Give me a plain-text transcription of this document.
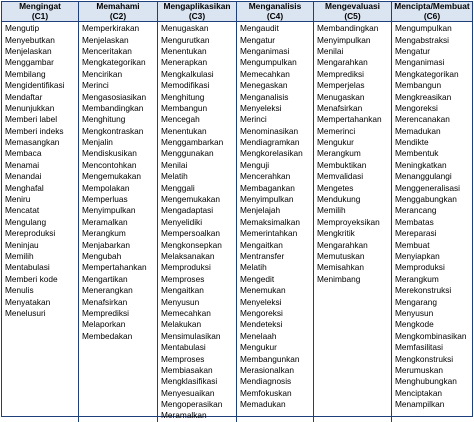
Mengingat
(C1)
Memahami
(C2)
Mengaplikasikan
(C3)
Menganalisis
(C4)
Mengevaluasi
(C5)
Mencipta/Membuat
(C6)
Mengutip
Menyebutkan
Menjelaskan
Menggambar
Membilang
Mengidentifikasi
Mendaftar
Menunjukkan
Memberi label
Memberi indeks
Memasangkan
Membaca
Menamai
Menandai
Menghafal
Meniru
Mencatat
Mengulang
Mereproduksi
Meninjau
Memilih
Mentabulasi
Memberi kode
Menulis
Menyatakan
Menelusuri
Memperkirakan
Menjelaskan
Menceritakan
Mengkategorikan
Mencirikan
Merinci
Mengasosiasikan
Membandingkan
Menghitung
Mengkontraskan
Menjalin
Mendiskusikan
Mencontohkan
Mengemukakan
Mempolakan
Memperluas
Menyimpulkan
Meramalkan
Merangkum
Menjabarkan
Mengubah
Mempertahankan
Mengartikan
Menerangkan
Menafsirkan
Memprediksi
Melaporkan
Membedakan
Menugaskan
Mengurutkan
Menentukan
Menerapkan
Mengkalkulasi
Memodifikasi
Menghitung
Membangun
Mencegah
Menentukan
Menggambarkan
Menggunakan
Menilai
Melatih
Menggali
Mengemukakan
Mengadaptasi
Menyelidiki
Mempersoalkan
Mengkonsepkan
Melaksanakan
Memproduksi
Memproses
Mengaitkan
Menyusun
Memecahkan
Melakukan
Mensimulasikan
Mentabulasi
Memproses
Membiasakan
Mengklasifikasi
Menyesuaikan
Mengoperasikan
Meramalkan
Mengaudit
Mengatur
Menganimasi
Mengumpulkan
Memecahkan
Menegaskan
Menganalisis
Menyeleksi
Merinci
Menominasikan
Mendiagramkan
Mengkorelasikan
Menguji
Mencerahkan
Membagankan
Menyimpulkan
Menjelajah
Memaksimalkan
Memerintahkan
Mengaitkan
Mentransfer
Melatih
Mengedit
Menemukan
Menyeleksi
Mengoreksi
Mendeteksi
Menelaah
Mengukur
Membangunkan
Merasionalkan
Mendiagnosis
Memfokuskan
Memadukan
Membandingkan
Menyimpulkan
Menilai
Mengarahkan
Memprediksi
Memperjelas
Menugaskan
Menafsirkan
Mempertahankan
Memerinci
Mengukur
Merangkum
Membuktikan
Memvalidasi
Mengetes
Mendukung
Memilih
Memproyeksikan
Mengkritik
Mengarahkan
Memutuskan
Memisahkan
Menimbang
Mengumpulkan
Mengabstraksi
Mengatur
Menganimasi
Mengkategorikan
Membangun
Mengkreasikan
Mengoreksi
Merencanakan
Memadukan
Mendikte
Membentuk
Meningkatkan
Menanggulangi
Menggeneralisasi
Menggabungkan
Merancang
Membatas
Mereparasi
Membuat
Menyiapkan
Memproduksi
Merangkum
Merekonstruksi
Mengarang
Menyusun
Mengkode
Mengkombinasikan
Memfasilitasi
Mengkonstruksi
Merumuskan
Menghubungkan
Menciptakan
Menampilkan
